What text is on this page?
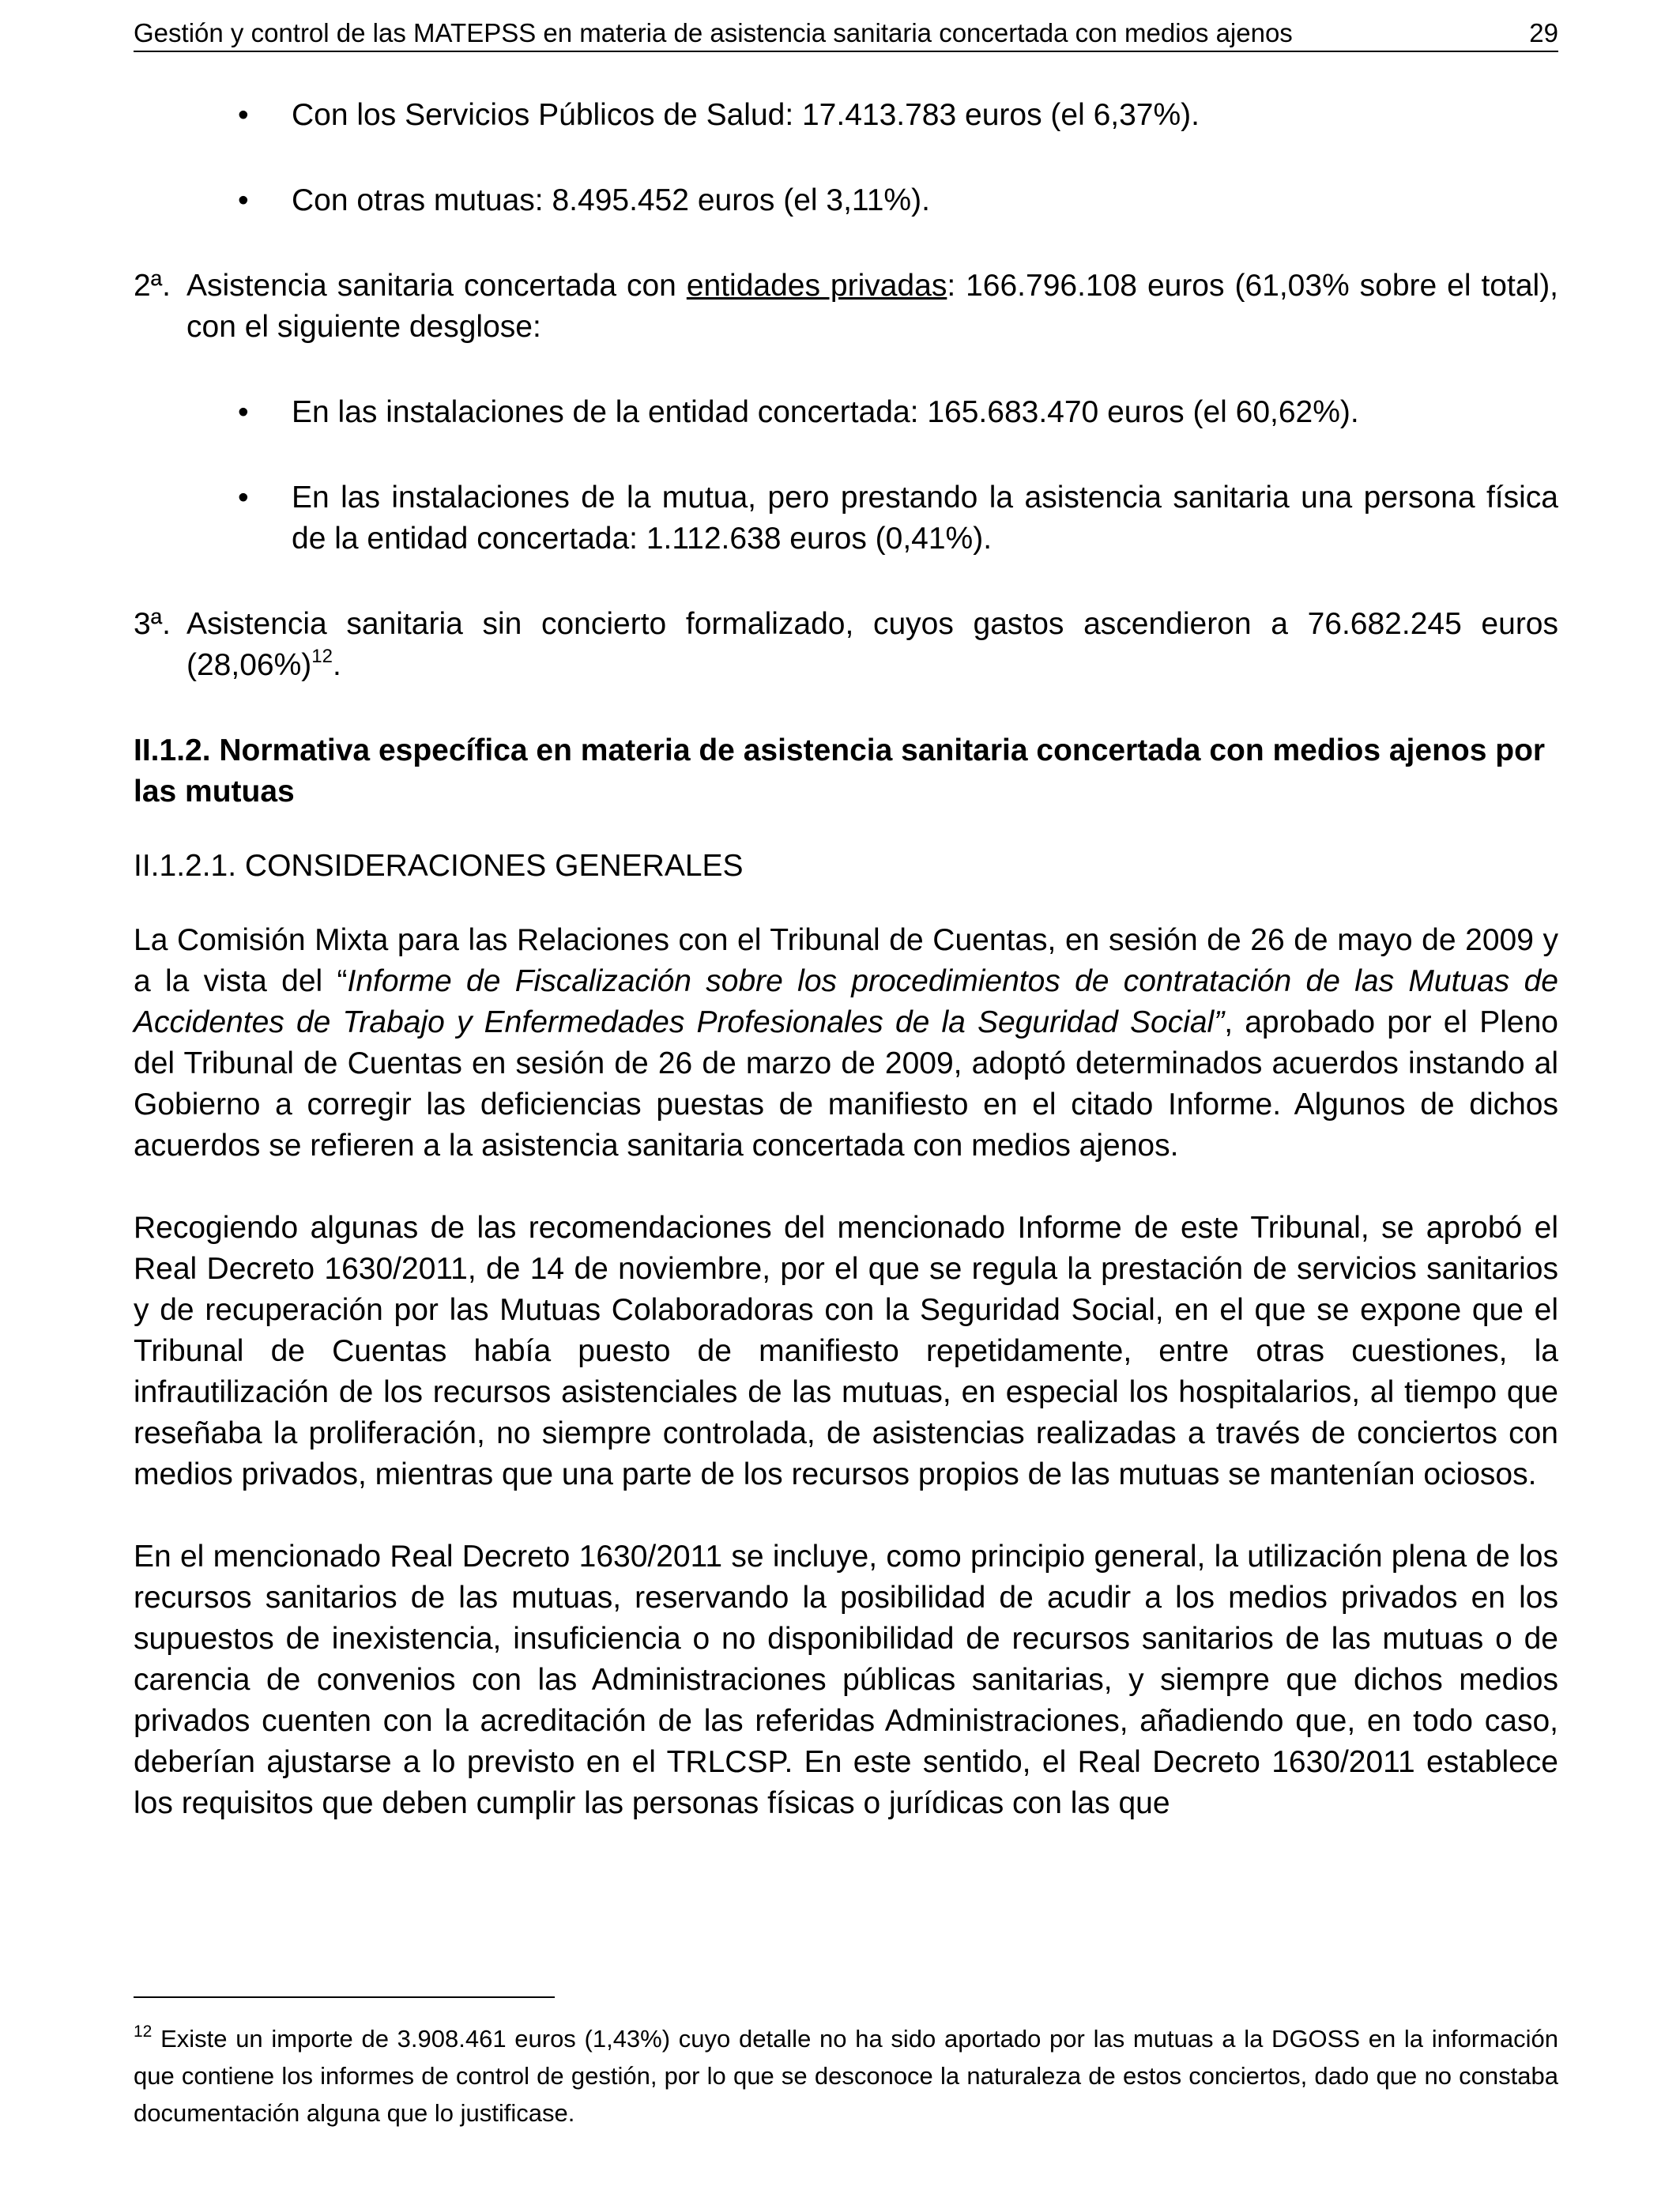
Gestión y control de las MATEPSS en materia de asistencia sanitaria concertada con medios ajenos	29
• Con los Servicios Públicos de Salud: 17.413.783 euros (el 6,37%).
• Con otras mutuas: 8.495.452 euros (el 3,11%).
2ª. Asistencia sanitaria concertada con entidades privadas: 166.796.108 euros (61,03% sobre el total), con el siguiente desglose:
• En las instalaciones de la entidad concertada: 165.683.470 euros (el 60,62%).
• En las instalaciones de la mutua, pero prestando la asistencia sanitaria una persona física de la entidad concertada: 1.112.638 euros (0,41%).
3ª. Asistencia sanitaria sin concierto formalizado, cuyos gastos ascendieron a 76.682.245 euros $(28,06\%)^{12}$.
II.1.2. Normativa específica en materia de asistencia sanitaria concertada con medios ajenos por las mutuas
II.1.2.1. CONSIDERACIONES GENERALES
La Comisión Mixta para las Relaciones con el Tribunal de Cuentas, en sesión de 26 de mayo de 2009 y a la vista del “Informe de Fiscalización sobre los procedimientos de contratación de las Mutuas de Accidentes de Trabajo y Enfermedades Profesionales de la Seguridad Social”, aprobado por el Pleno del Tribunal de Cuentas en sesión de 26 de marzo de 2009, adoptó determinados acuerdos instando al Gobierno a corregir las deficiencias puestas de manifiesto en el citado Informe. Algunos de dichos acuerdos se refieren a la asistencia sanitaria concertada con medios ajenos.
Recogiendo algunas de las recomendaciones del mencionado Informe de este Tribunal, se aprobó el Real Decreto 1630/2011, de 14 de noviembre, por el que se regula la prestación de servicios sanitarios y de recuperación por las Mutuas Colaboradoras con la Seguridad Social, en el que se expone que el Tribunal de Cuentas había puesto de manifiesto repetidamente, entre otras cuestiones, la infrautilización de los recursos asistenciales de las mutuas, en especial los hospitalarios, al tiempo que reseñaba la proliferación, no siempre controlada, de asistencias realizadas a través de conciertos con medios privados, mientras que una parte de los recursos propios de las mutuas se mantenían ociosos.
En el mencionado Real Decreto 1630/2011 se incluye, como principio general, la utilización plena de los recursos sanitarios de las mutuas, reservando la posibilidad de acudir a los medios privados en los supuestos de inexistencia, insuficiencia o no disponibilidad de recursos sanitarios de las mutuas o de carencia de convenios con las Administraciones públicas sanitarias, y siempre que dichos medios privados cuenten con la acreditación de las referidas Administraciones, añadiendo que, en todo caso, deberían ajustarse a lo previsto en el TRLCSP. En este sentido, el Real Decreto 1630/2011 establece los requisitos que deben cumplir las personas físicas o jurídicas con las que
$^{12}$ Existe un importe de 3.908.461 euros (1,43%) cuyo detalle no ha sido aportado por las mutuas a la DGOSS en la información que contiene los informes de control de gestión, por lo que se desconoce la naturaleza de estos conciertos, dado que no constaba documentación alguna que lo justificase.
